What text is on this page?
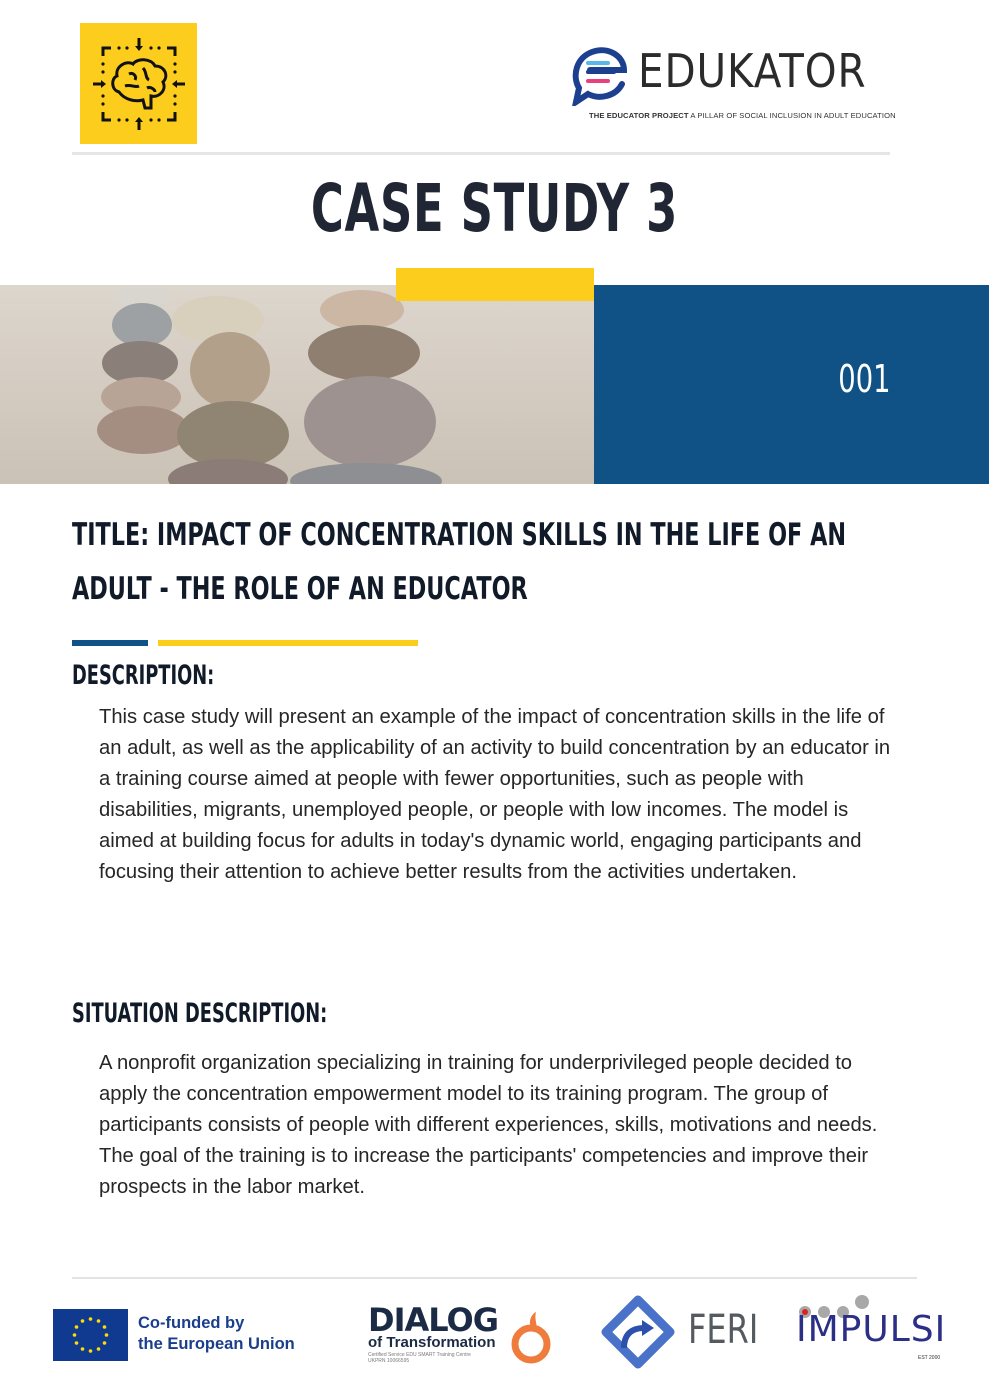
EDUKATOR
THE EDUCATOR PROJECT A PILLAR OF SOCIAL INCLUSION IN ADULT EDUCATION
CASE STUDY 3
001
TITLE: IMPACT OF CONCENTRATION SKILLS IN THE LIFE OF AN ADULT - THE ROLE OF AN EDUCATOR
DESCRIPTION:

This case study will present an example of the impact of concentration skills in the life of an adult, as well as the applicability of an activity to build concentration by an educator in a training course aimed at people with fewer opportunities, such as people with disabilities, migrants, unemployed people, or people with low incomes. The model is aimed at building focus for adults in today's dynamic world, engaging participants and focusing their attention to achieve better results from the activities undertaken.

SITUATION DESCRIPTION:

A nonprofit organization specializing in training for underprivileged people decided to apply the concentration empowerment model to its training program. The group of participants consists of people with different experiences, skills, motivations and needs. The goal of the training is to increase the participants' competencies and improve their prospects in the labor market.

Co-funded by
the European Union
DIALOG
of Transformation
Certified Service EDU SMART Training Centre
UKPRN 10066595
FERI IMPULSI
EST 2000
